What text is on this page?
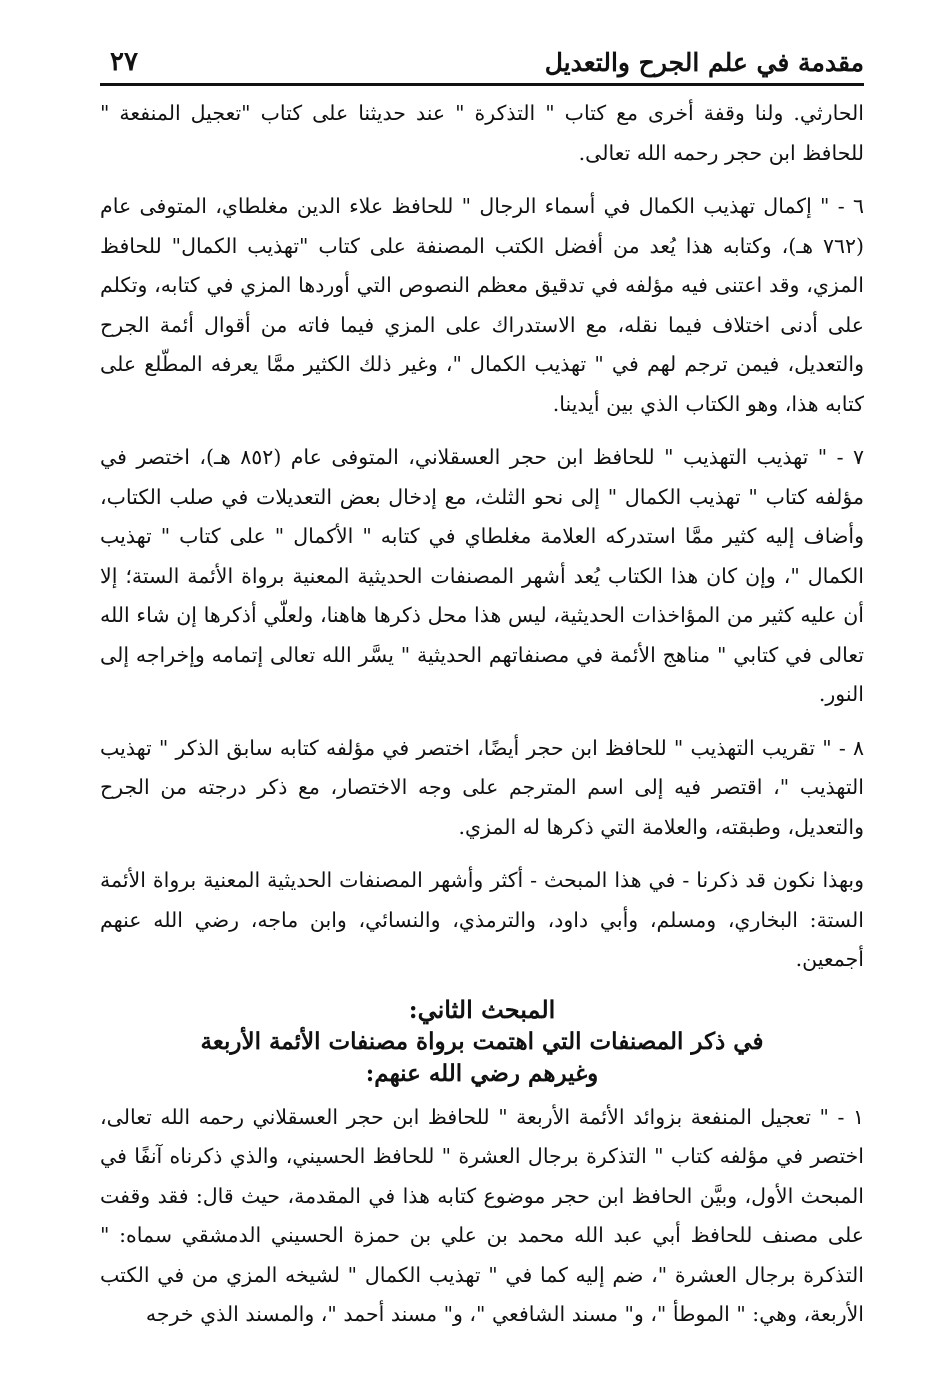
مقدمة في علم الجرح والتعديل
٢٧

الحارثي. ولنا وقفة أخرى مع كتاب " التذكرة " عند حديثنا على كتاب "تعجيل المنفعة " للحافظ ابن حجر رحمه الله تعالى.

٦ - " إكمال تهذيب الكمال في أسماء الرجال " للحافظ علاء الدين مغلطاي، المتوفى عام (٧٦٢ هـ)، وكتابه هذا يُعد من أفضل الكتب المصنفة على كتاب "تهذيب الكمال" للحافظ المزي، وقد اعتنى فيه مؤلفه في تدقيق معظم النصوص التي أوردها المزي في كتابه، وتكلم على أدنى اختلاف فيما نقله، مع الاستدراك على المزي فيما فاته من أقوال أئمة الجرح والتعديل، فيمن ترجم لهم في " تهذيب الكمال "، وغير ذلك الكثير ممَّا يعرفه المطّلع على كتابه هذا، وهو الكتاب الذي بين أيدينا.

٧ - " تهذيب التهذيب " للحافظ ابن حجر العسقلاني، المتوفى عام (٨٥٢ هـ)، اختصر في مؤلفه كتاب " تهذيب الكمال " إلى نحو الثلث، مع إدخال بعض التعديلات في صلب الكتاب، وأضاف إليه كثير ممَّا استدركه العلامة مغلطاي في كتابه " الأكمال " على كتاب " تهذيب الكمال "، وإن كان هذا الكتاب يُعد أشهر المصنفات الحديثية المعنية برواة الأئمة الستة؛ إلا أن عليه كثير من المؤاخذات الحديثية، ليس هذا محل ذكرها هاهنا، ولعلّي أذكرها إن شاء الله تعالى في كتابي " مناهج الأئمة في مصنفاتهم الحديثية " يسَّر الله تعالى إتمامه وإخراجه إلى النور.

٨ - " تقريب التهذيب " للحافظ ابن حجر أيضًا، اختصر في مؤلفه كتابه سابق الذكر " تهذيب التهذيب "، اقتصر فيه إلى اسم المترجم على وجه الاختصار، مع ذكر درجته من الجرح والتعديل، وطبقته، والعلامة التي ذكرها له المزي.

وبهذا نكون قد ذكرنا - في هذا المبحث - أكثر وأشهر المصنفات الحديثية المعنية برواة الأئمة الستة: البخاري، ومسلم، وأبي داود، والترمذي، والنسائي، وابن ماجه، رضي الله عنهم أجمعين.

المبحث الثاني:
في ذكر المصنفات التي اهتمت برواة مصنفات الأئمة الأربعة
وغيرهم رضي الله عنهم:

١ - " تعجيل المنفعة بزوائد الأئمة الأربعة " للحافظ ابن حجر العسقلاني رحمه الله تعالى، اختصر في مؤلفه كتاب " التذكرة برجال العشرة " للحافظ الحسيني، والذي ذكرناه آنفًا في المبحث الأول، وبيَّن الحافظ ابن حجر موضوع كتابه هذا في المقدمة، حيث قال: فقد وقفت على مصنف للحافظ أبي عبد الله محمد بن علي بن حمزة الحسيني الدمشقي سماه: " التذكرة برجال العشرة "، ضم إليه كما في " تهذيب الكمال " لشيخه المزي من في الكتب الأربعة، وهي: " الموطأ "، و" مسند الشافعي "، و" مسند أحمد "، والمسند الذي خرجه
